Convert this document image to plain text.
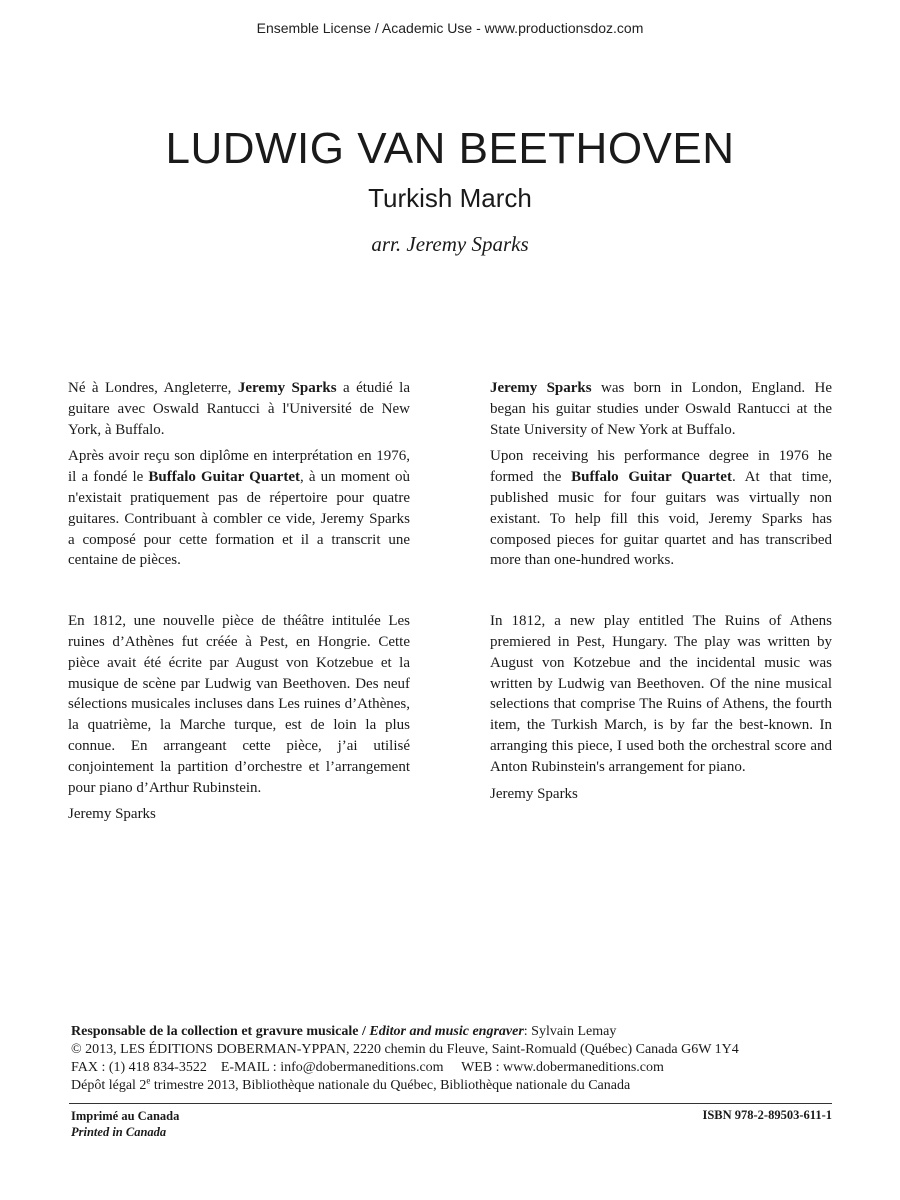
Ensemble License / Academic Use - www.productionsdoz.com
LUDWIG VAN BEETHOVEN
Turkish March
arr. Jeremy Sparks

Né à Londres, Angleterre, Jeremy Sparks a étudié la guitare avec Oswald Rantucci à l'Université de New York, à Buffalo.

Après avoir reçu son diplôme en interprétation en 1976, il a fondé le Buffalo Guitar Quartet, à un moment où n'existait pratiquement pas de répertoire pour quatre guitares. Contribuant à combler ce vide, Jeremy Sparks a composé pour cette formation et il a transcrit une centaine de pièces.

En 1812, une nouvelle pièce de théâtre intitulée Les ruines d’Athènes fut créée à Pest, en Hongrie. Cette pièce avait été écrite par August von Kotzebue et la musique de scène par Ludwig van Beethoven. Des neuf sélections musicales incluses dans Les ruines d’Athènes, la quatrième, la Marche turque, est de loin la plus connue. En arrangeant cette pièce, j’ai utilisé conjointement la partition d’orchestre et l’arrangement pour piano d’Arthur Rubinstein.

Jeremy Sparks

Jeremy Sparks was born in London, England. He began his guitar studies under Oswald Rantucci at the State University of New York at Buffalo.

Upon receiving his performance degree in 1976 he formed the Buffalo Guitar Quartet. At that time, published music for four guitars was virtually non existant. To help fill this void, Jeremy Sparks has composed pieces for guitar quartet and has transcribed more than one-hundred works.

In 1812, a new play entitled The Ruins of Athens premiered in Pest, Hungary. The play was written by August von Kotzebue and the incidental music was written by Ludwig van Beethoven. Of the nine musical selections that comprise The Ruins of Athens, the fourth item, the Turkish March, is by far the best-known. In arranging this piece, I used both the orchestral score and Anton Rubinstein's arrangement for piano.

Jeremy Sparks

Responsable de la collection et gravure musicale / Editor and music engraver: Sylvain Lemay
© 2013, LES ÉDITIONS DOBERMAN-YPPAN, 2220 chemin du Fleuve, Saint-Romuald (Québec) Canada G6W 1Y4
FAX : (1) 418 834-3522 E-MAIL : info@dobermaneditions.com WEB : www.dobermaneditions.com
Dépôt légal 2e trimestre 2013, Bibliothèque nationale du Québec, Bibliothèque nationale du Canada
Imprimé au Canada
Printed in Canada
ISBN 978-2-89503-611-1
